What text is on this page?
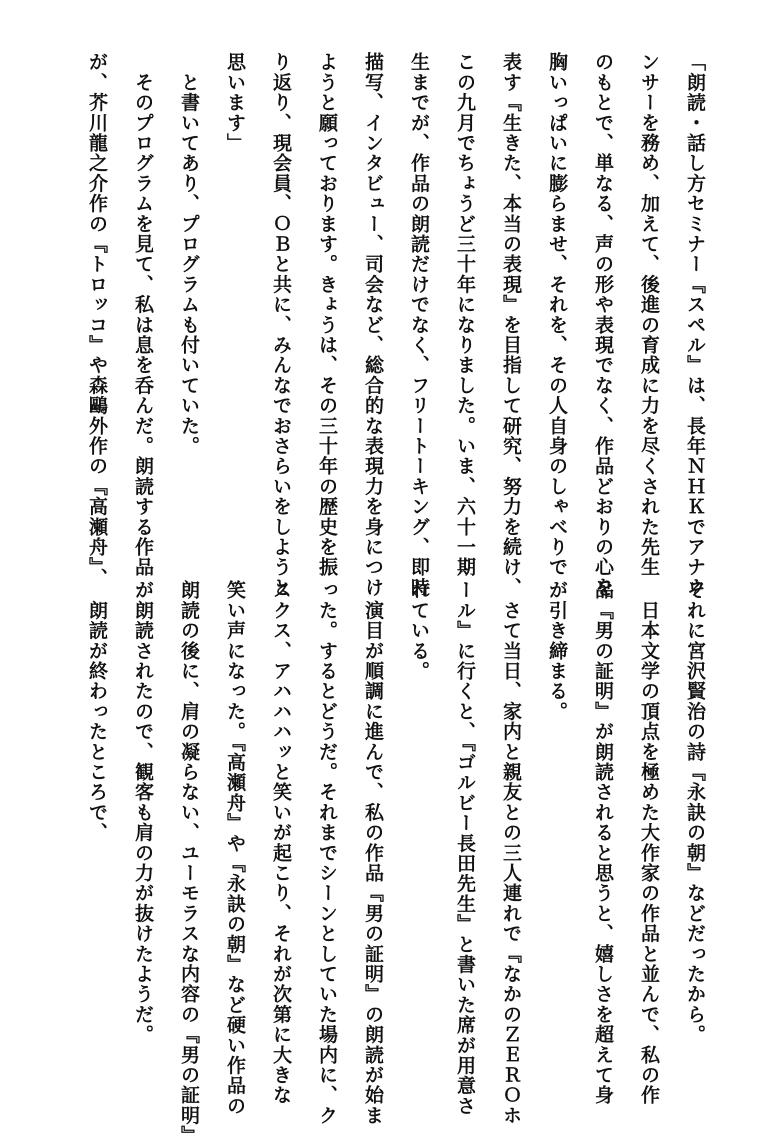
「朗読・話し方セミナー『スペル』は、長年ＮＨＫでアナウ
ンサーを務め、加えて、後進の育成に力を尽くされた先生
のもとで、単なる、声の形や表現でなく、作品どおりの心を
胸いっぱいに膨らませ、それを、その人自身のしゃべりで
表す『生きた、本当の表現』を目指して研究、努力を続け、
この九月でちょうど三十年になりました。いま、六十一期
生までが、作品の朗読だけでなく、フリートーキング、即時
描写、インタビュー、司会など、総合的な表現力を身につけ
ようと願っております。きょうは、その三十年の歴史を振
り返り、現会員、ＯＢと共に、みんなでおさらいをしようと
思います」
　と書いてあり、プログラムも付いていた。
　そのプログラムを見て、私は息を呑んだ。朗読する作品
が、芥川龍之介作の『トロッコ』や森鷗外作の『高瀬舟』、
それに宮沢賢治の詩『永訣の朝』などだったから。
　日本文学の頂点を極めた大作家の作品と並んで、私の作
品『男の証明』が朗読されると思うと、嬉しさを超えて身
が引き締まる。
　さて当日、家内と親友との三人連れで『なかのＺＥＲＯホ
ール』に行くと、『ゴルビー長田先生』と書いた席が用意さ
れている。
　演目が順調に進んで、私の作品『男の証明』の朗読が始ま
った。するとどうだ。それまでシーンとしていた場内に、ク
スクス、アハハハッと笑いが起こり、それが次第に大きな
笑い声になった。『高瀬舟』や『永訣の朝』など硬い作品の
朗読の後に、肩の凝らない、ユーモラスな内容の『男の証明』
が朗読されたので、観客も肩の力が抜けたようだ。
　朗読が終わったところで、
